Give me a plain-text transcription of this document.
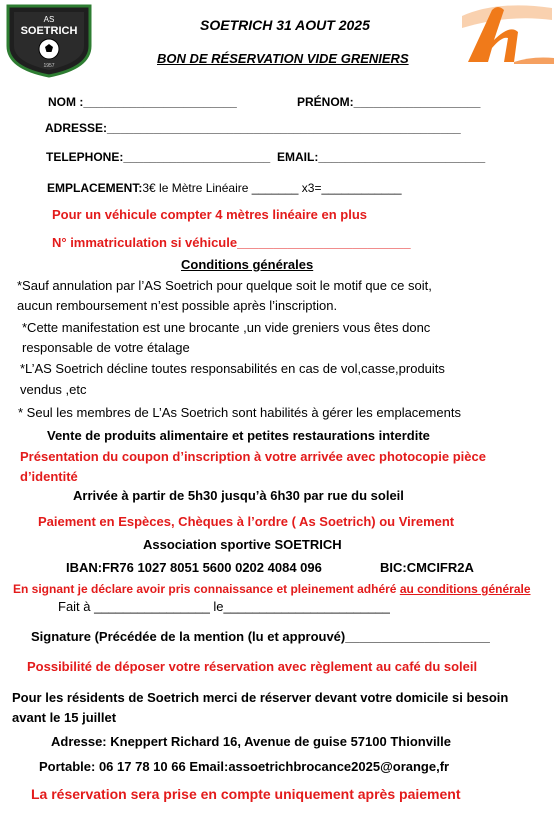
AS
SOETRICH
1957
SOETRICH 31 AOUT 2025
BON DE RÉSERVATION VIDE GRENIERS
NOM :_______________________	PRÉNOM:___________________
ADRESSE:_____________________________________________________
TELEPHONE:______________________ EMAIL:_________________________
EMPLACEMENT:3€ le Mètre Linéaire _______ x3=____________
Pour un véhicule compter 4 mètres linéaire en plus
N° immatriculation si véhicule________________________
Conditions générales
*Sauf annulation par l’AS Soetrich pour quelque soit le motif que ce soit,
aucun remboursement n’est possible après l’inscription.
*Cette manifestation est une brocante ,un vide greniers vous êtes donc
responsable de votre étalage
*L’AS Soetrich décline toutes responsabilités en cas de vol,casse,produits
vendus ,etc
* Seul les membres de L’As Soetrich sont habilités à gérer les emplacements
Vente de produits alimentaire et petites restaurations interdite
Présentation du coupon d’inscription à votre arrivée avec photocopie pièce
d’identité
Arrivée à partir de 5h30 jusqu’à 6h30 par rue du soleil
Paiement en Espèces, Chèques à l’ordre ( As Soetrich) ou Virement
Association sportive SOETRICH
IBAN:FR76 1027 8051 5600 0202 4084 096	BIC:CMCIFR2A
En signant je déclare avoir pris connaissance et pleinement adhéré au conditions générale
Fait à ________________ le_______________________
Signature (Précédée de la mention (lu et approuvé)____________________
Possibilité de déposer votre réservation avec règlement au café du soleil
Pour les résidents de Soetrich merci de réserver devant votre domicile si besoin
avant le 15 juillet
Adresse: Kneppert Richard 16, Avenue de guise 57100 Thionville
Portable: 06 17 78 10 66 Email:assoetrichbrocance2025@orange,fr
La réservation sera prise en compte uniquement après paiement
